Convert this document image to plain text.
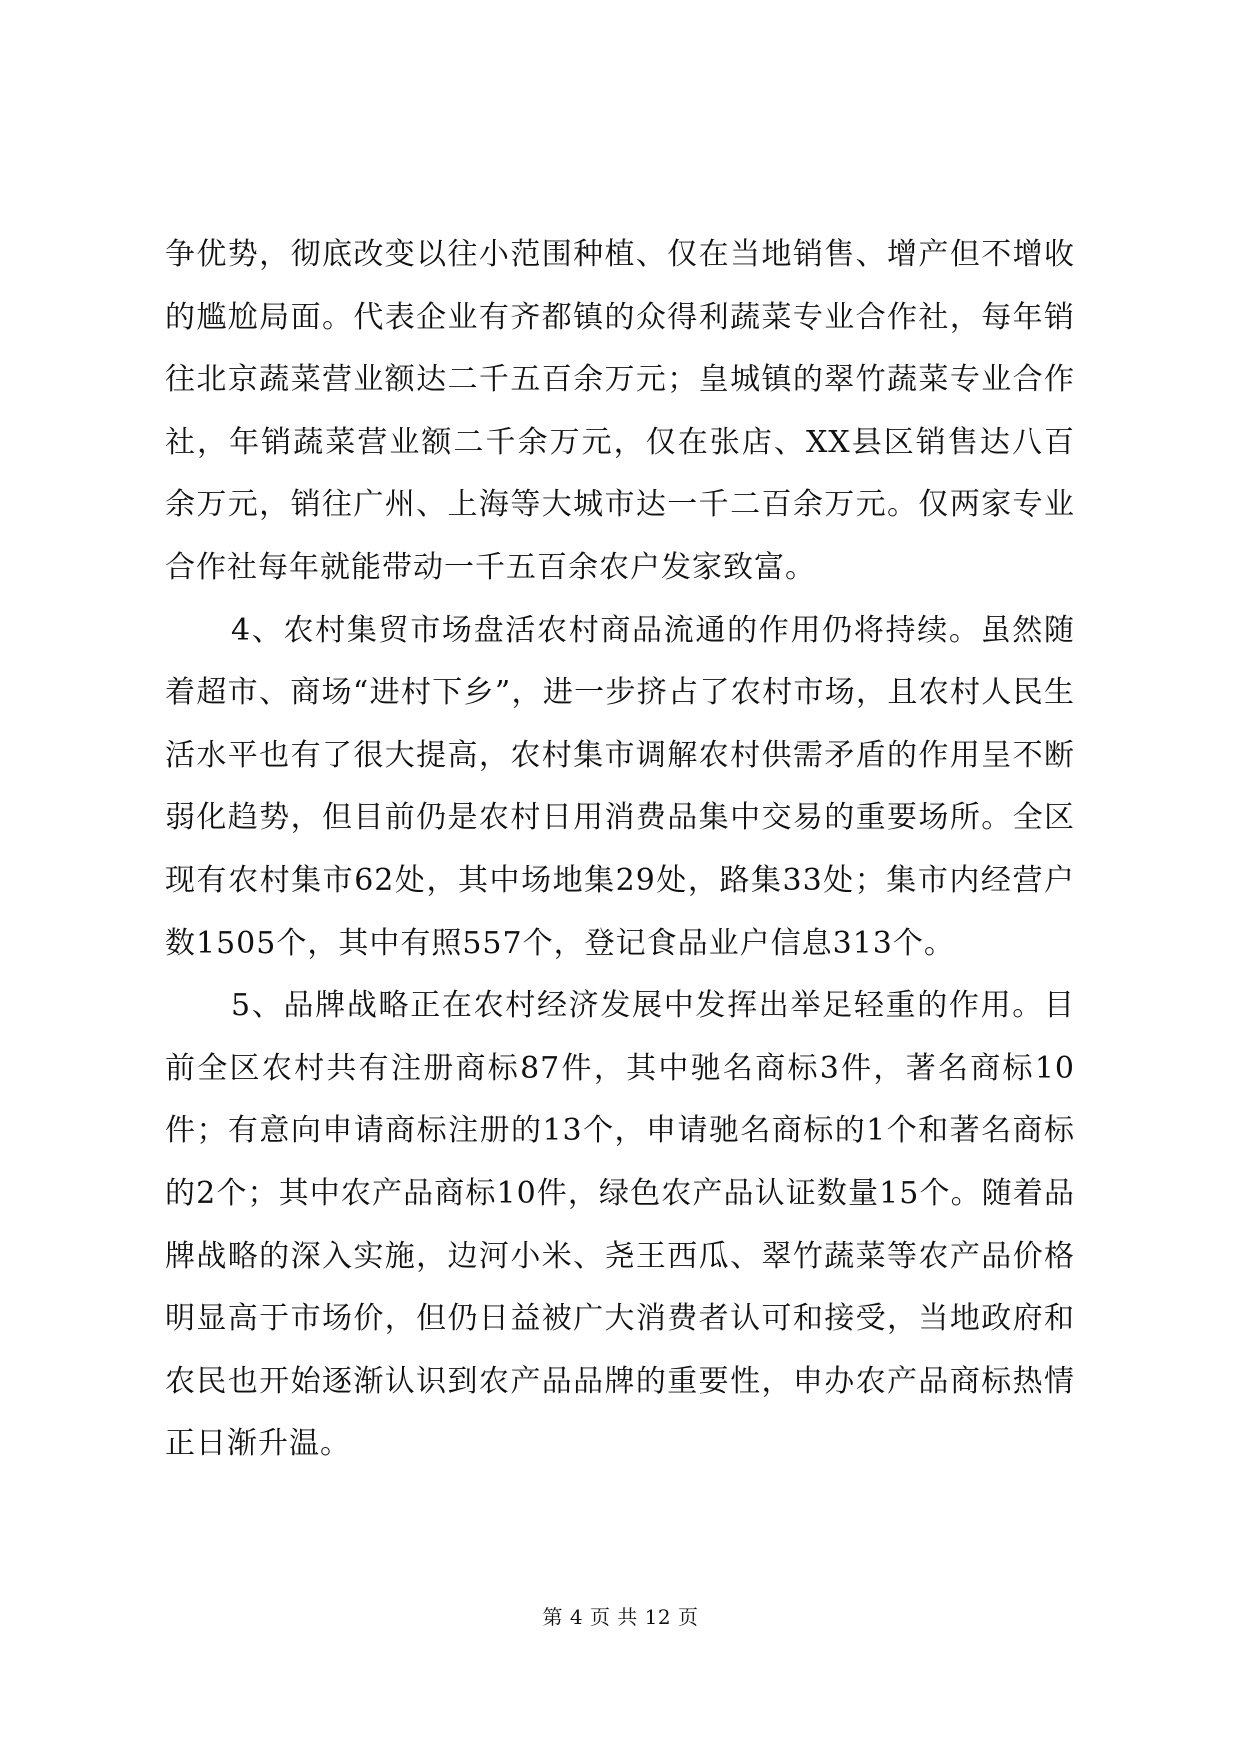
争优势，彻底改变以往小范围种植、仅在当地销售、增产但不增收的尴尬局面。代表企业有齐都镇的众得利蔬菜专业合作社，每年销往北京蔬菜营业额达二千五百余万元；皇城镇的翠竹蔬菜专业合作社，年销蔬菜营业额二千余万元，仅在张店、XX县区销售达八百余万元，销往广州、上海等大城市达一千二百余万元。仅两家专业合作社每年就能带动一千五百余农户发家致富。

4、农村集贸市场盘活农村商品流通的作用仍将持续。虽然随着超市、商场“进村下乡”，进一步挤占了农村市场，且农村人民生活水平也有了很大提高，农村集市调解农村供需矛盾的作用呈不断弱化趋势，但目前仍是农村日用消费品集中交易的重要场所。全区现有农村集市62处，其中场地集29处，路集33处；集市内经营户数1505个，其中有照557个，登记食品业户信息313个。

5、品牌战略正在农村经济发展中发挥出举足轻重的作用。目前全区农村共有注册商标87件，其中驰名商标3件，著名商标10件；有意向申请商标注册的13个，申请驰名商标的1个和著名商标的2个；其中农产品商标10件，绿色农产品认证数量15个。随着品牌战略的深入实施，边河小米、尧王西瓜、翠竹蔬菜等农产品价格明显高于市场价，但仍日益被广大消费者认可和接受，当地政府和农民也开始逐渐认识到农产品品牌的重要性，申办农产品商标热情正日渐升温。

第 4 页 共 12 页
